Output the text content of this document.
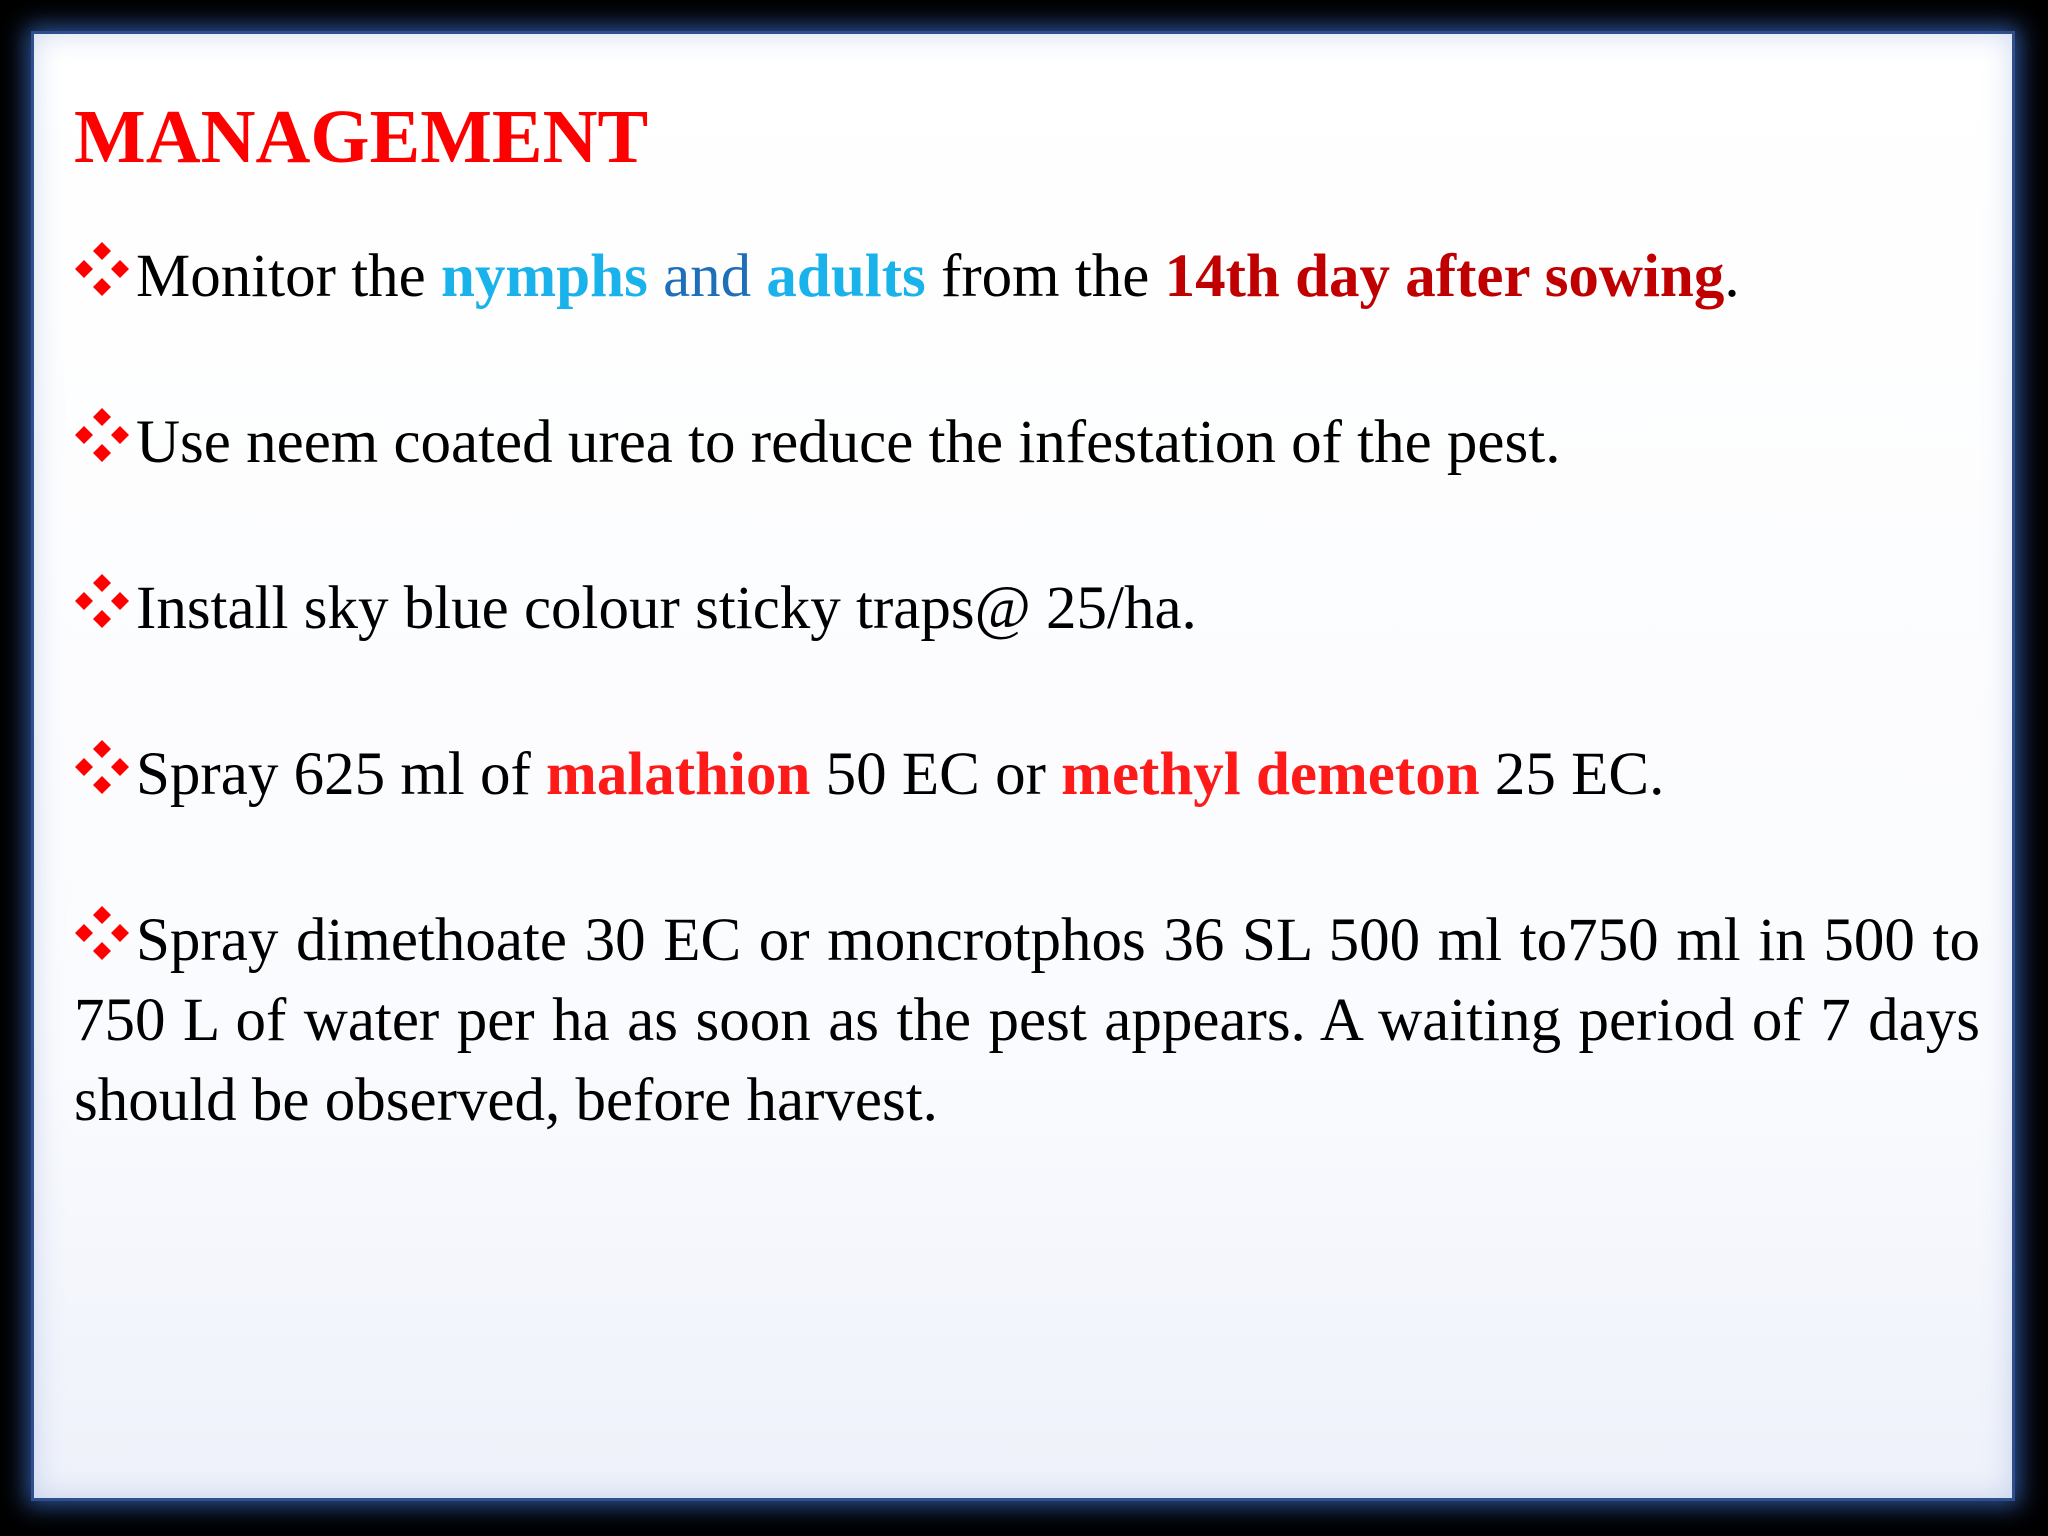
MANAGEMENT
Monitor the nymphs and adults from the 14th day after sowing.
Use neem coated urea to reduce the infestation of the pest.
Install sky blue colour sticky traps@ 25/ha.
Spray 625 ml of malathion 50 EC or methyl demeton 25 EC.
Spray dimethoate 30 EC or moncrotphos 36 SL 500 ml to750 ml in 500 to 750 L of water per ha as soon as the pest appears. A waiting period of 7 days should be observed, before harvest.
